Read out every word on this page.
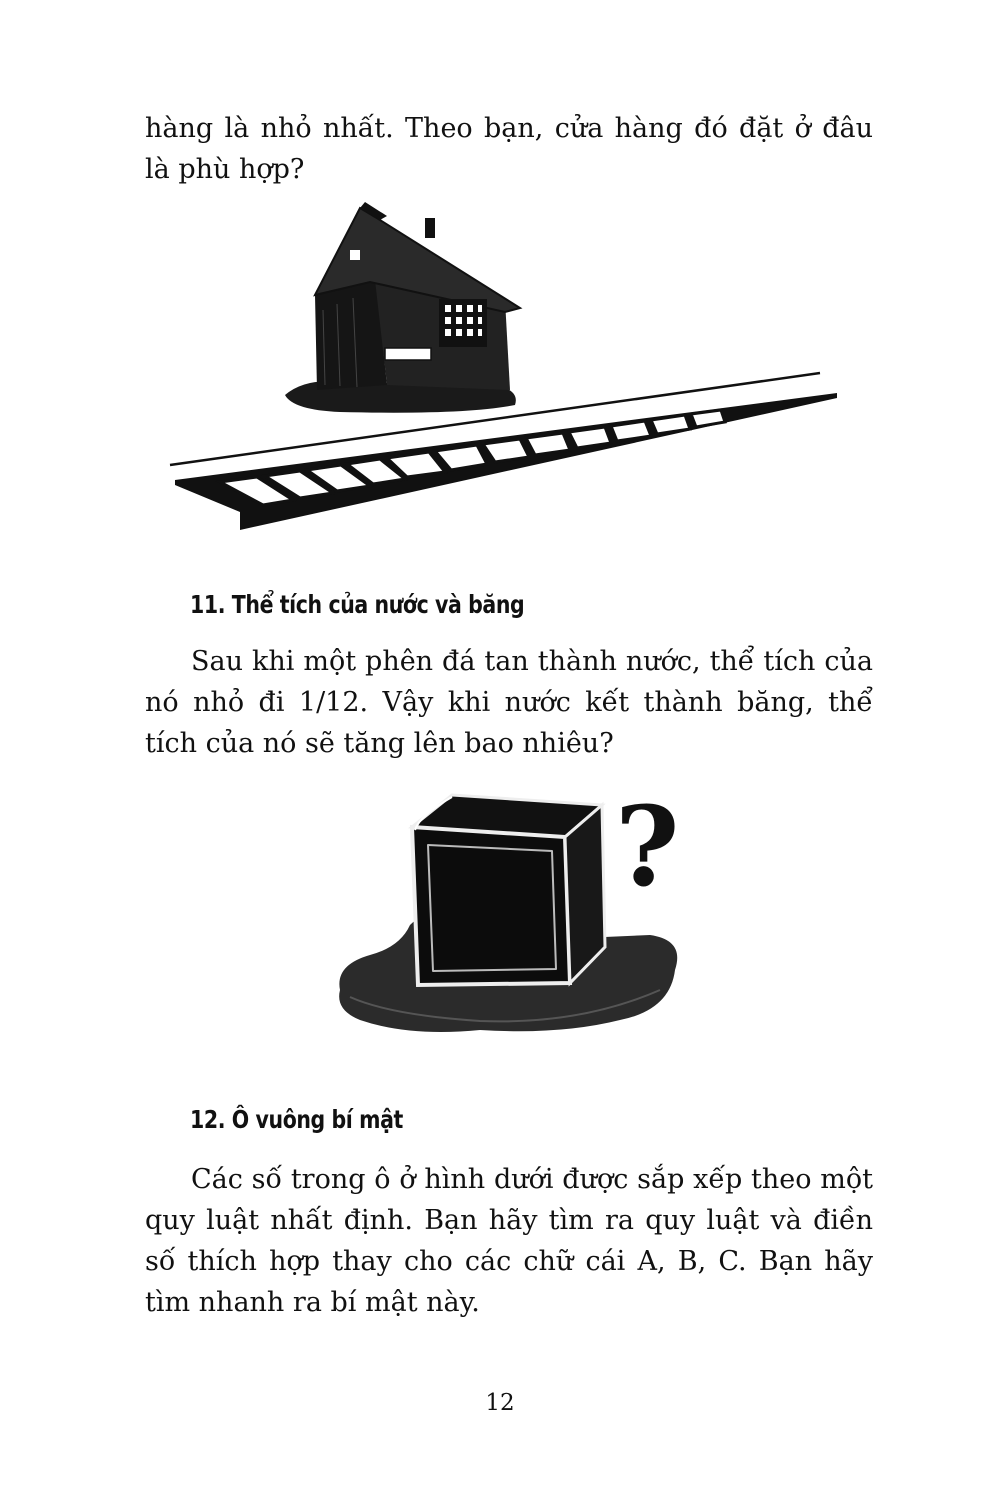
hàng là nhỏ nhất. Theo bạn, cửa hàng đó đặt ở đâu là phù hợp?

11. Thể tích của nước và băng

Sau khi một phên đá tan thành nước, thể tích của nó nhỏ đi 1/12. Vậy khi nước kết thành băng, thể tích của nó sẽ tăng lên bao nhiêu?

?
12. Ô vuông bí mật

Các số trong ô ở hình dưới được sắp xếp theo một quy luật nhất định. Bạn hãy tìm ra quy luật và điền số thích hợp thay cho các chữ cái A, B, C. Bạn hãy tìm nhanh ra bí mật này.

12
